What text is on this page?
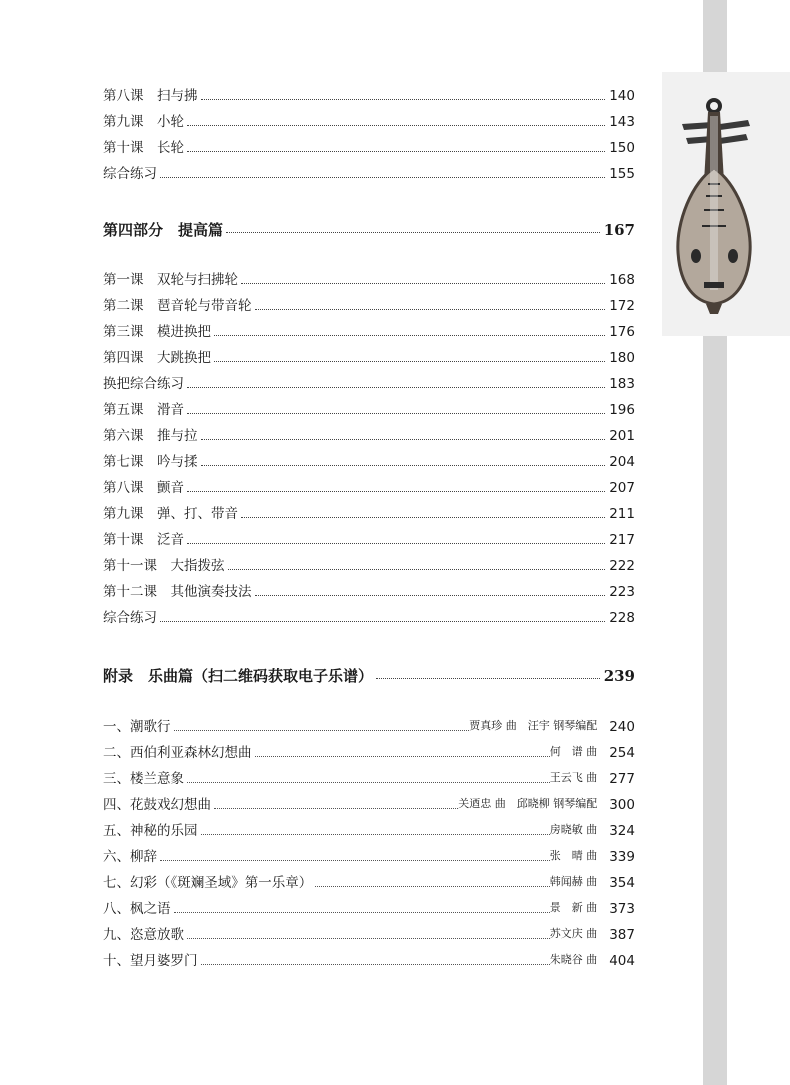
第八课　扫与拂	140
第九课　小轮	143
第十课　长轮	150
综合练习	155
第四部分　提高篇	167
第一课　双轮与扫拂轮	168
第二课　琶音轮与带音轮	172
第三课　模进换把	176
第四课　大跳换把	180
换把综合练习	183
第五课　滑音	196
第六课　推与拉	201
第七课　吟与揉	204
第八课　颤音	207
第九课　弹、打、带音	211
第十课　泛音	217
第十一课　大指拨弦	222
第十二课　其他演奏技法	223
综合练习	228
附录　乐曲篇（扫二维码获取电子乐谱）	239
一、潮歌行	贾真珍 曲　汪宇 钢琴编配 240
二、西伯利亚森林幻想曲	何　谱 曲 254
三、楼兰意象	王云飞 曲 277
四、花鼓戏幻想曲	关迺忠 曲　邱晓柳 钢琴编配 300
五、神秘的乐园	房晓敏 曲 324
六、柳辞	张　晴 曲 339
七、幻彩（《斑斓圣域》第一乐章）	韩闻赫 曲 354
八、枫之语	景　新 曲 373
九、恣意放歌	苏文庆 曲 387
十、望月婆罗门	朱晓谷 曲 404
